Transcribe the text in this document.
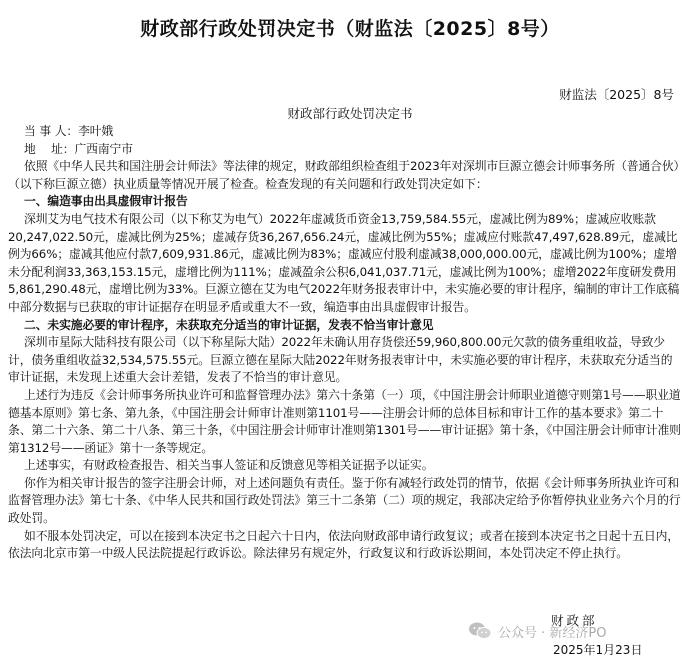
财政部行政处罚决定书（财监法〔2025〕8号）
财监法〔2025〕8号
财政部行政处罚决定书

当 事 人：李叶娥

地　 址：广西南宁市

依照《中华人民共和国注册会计师法》等法律的规定，财政部组织检查组于2023年对深圳市巨源立德会计师事务所（普通合伙）（以下称巨源立德）执业质量等情况开展了检查。检查发现的有关问题和行政处罚决定如下：

一、编造事由出具虚假审计报告

深圳艾为电气技术有限公司（以下称艾为电气）2022年虚减货币资金13,759,584.55元，虚减比例为89%；虚减应收账款20,247,022.50元，虚减比例为25%；虚减存货36,267,656.24元，虚减比例为55%；虚减应付账款47,497,628.89元，虚减比例为66%；虚减其他应付款7,609,931.86元，虚减比例为83%；虚减应付股利虚减38,000,000.00元，虚减比例为100%；虚增未分配利润33,363,153.15元，虚增比例为111%；虚减盈余公积6,041,037.71元，虚减比例为100%；虚增2022年度研发费用5,861,290.48元，虚增比例为33%。巨源立德在艾为电气2022年财务报表审计中，未实施必要的审计程序，编制的审计工作底稿中部分数据与已获取的审计证据存在明显矛盾或重大不一致，编造事由出具虚假审计报告。

二、未实施必要的审计程序，未获取充分适当的审计证据，发表不恰当审计意见

深圳市星际大陆科技有限公司（以下称星际大陆）2022年未确认用存货偿还59,960,800.00元欠款的债务重组收益，导致少计，债务重组收益32,534,575.55元。巨源立德在星际大陆2022年财务报表审计中，未实施必要的审计程序，未获取充分适当的审计证据，未发现上述重大会计差错，发表了不恰当的审计意见。

上述行为违反《会计师事务所执业许可和监督管理办法》第六十条第（一）项，《中国注册会计师职业道德守则第1号——职业道德基本原则》第七条、第九条，《中国注册会计师审计准则第1101号——注册会计师的总体目标和审计工作的基本要求》第二十条、第二十六条、第二十八条、第三十条，《中国注册会计师审计准则第1301号——审计证据》第十条，《中国注册会计师审计准则第1312号——函证》第十一条等规定。

上述事实，有财政检查报告、相关当事人签证和反馈意见等相关证据予以证实。

你作为相关审计报告的签字注册会计师，对上述问题负有责任。鉴于你有减轻行政处罚的情节，依据《会计师事务所执业许可和监督管理办法》第七十条、《中华人民共和国行政处罚法》第三十二条第（二）项的规定，我部决定给予你暂停执业业务六个月的行政处罚。

如不服本处罚决定，可以在接到本决定书之日起六十日内，依法向财政部申请行政复议；或者在接到本决定书之日起十五日内，依法向北京市第一中级人民法院提起行政诉讼。除法律另有规定外，行政复议和行政诉讼期间，本处罚决定不停止执行。

财政部
公众号 · 新经济PO
2025年1月23日
